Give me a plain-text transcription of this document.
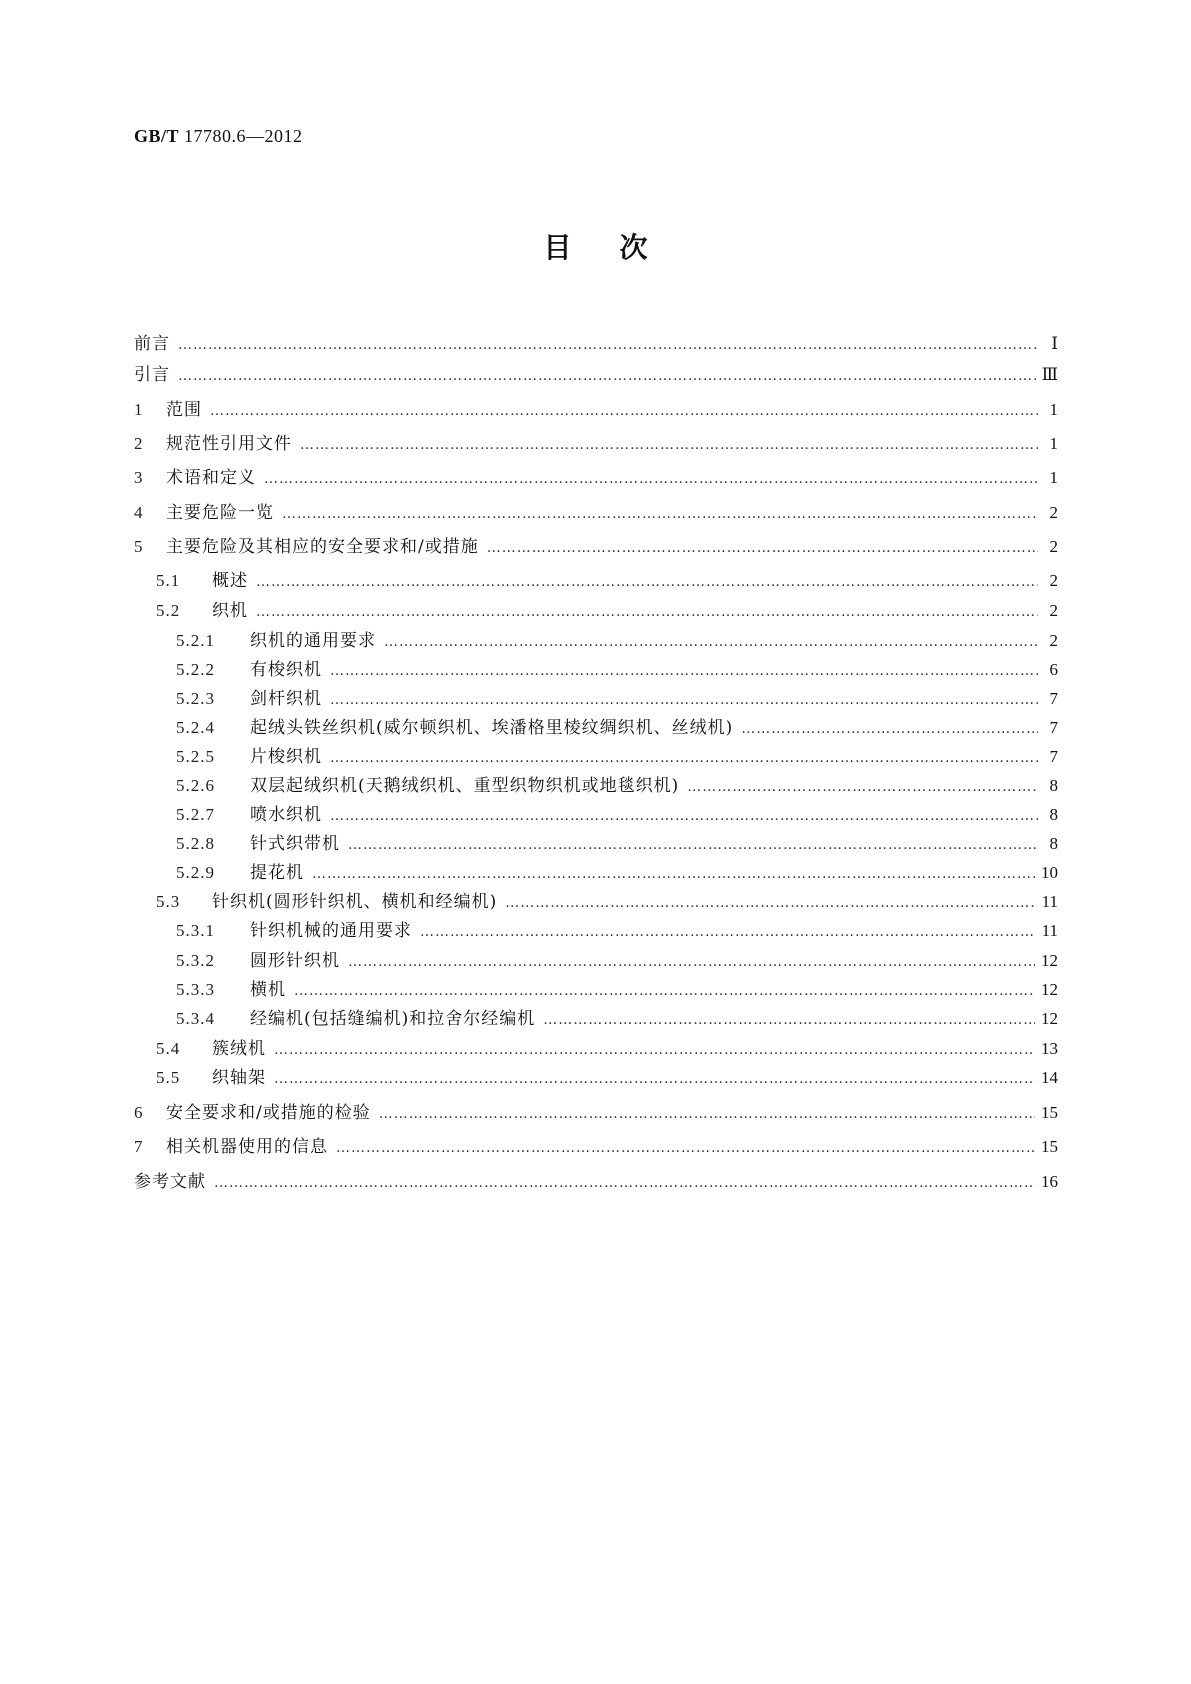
GB/T 17780.6—2012
目次
前言 …………………………………………………………………………………………………………………………………………………………………………………………………………………………	Ⅰ
引言 …………………………………………………………………………………………………………………………………………………………………………………………………………………………	Ⅲ
1	范围 …………………………………………………………………………………………………………………………………………………………………………………………………………………………	1
2	规范性引用文件 …………………………………………………………………………………………………………………………………………………………………………………………………………………………	1
3	术语和定义 …………………………………………………………………………………………………………………………………………………………………………………………………………………………	1
4	主要危险一览 …………………………………………………………………………………………………………………………………………………………………………………………………………………………	2
5	主要危险及其相应的安全要求和/或措施 …………………………………………………………………………………………………………………………………………………………………………………………………………………………	2
5.1	概述 …………………………………………………………………………………………………………………………………………………………………………………………………………………………	2
5.2	织机 …………………………………………………………………………………………………………………………………………………………………………………………………………………………	2
5.2.1	织机的通用要求 …………………………………………………………………………………………………………………………………………………………………………………………………………………………	2
5.2.2	有梭织机 …………………………………………………………………………………………………………………………………………………………………………………………………………………………	6
5.2.3	剑杆织机 …………………………………………………………………………………………………………………………………………………………………………………………………………………………	7
5.2.4	起绒头铁丝织机(威尔顿织机、埃潘格里棱纹绸织机、丝绒机) …………………………………………………………………………………………………………………………………………………………………………………………………………………………	7
5.2.5	片梭织机 …………………………………………………………………………………………………………………………………………………………………………………………………………………………	7
5.2.6	双层起绒织机(天鹅绒织机、重型织物织机或地毯织机) …………………………………………………………………………………………………………………………………………………………………………………………………………………………	8
5.2.7	喷水织机 …………………………………………………………………………………………………………………………………………………………………………………………………………………………	8
5.2.8	针式织带机 …………………………………………………………………………………………………………………………………………………………………………………………………………………………	8
5.2.9	提花机 …………………………………………………………………………………………………………………………………………………………………………………………………………………………	10
5.3	针织机(圆形针织机、横机和经编机) …………………………………………………………………………………………………………………………………………………………………………………………………………………………	11
5.3.1	针织机械的通用要求 …………………………………………………………………………………………………………………………………………………………………………………………………………………………	11
5.3.2	圆形针织机 …………………………………………………………………………………………………………………………………………………………………………………………………………………………	12
5.3.3	横机 …………………………………………………………………………………………………………………………………………………………………………………………………………………………	12
5.3.4	经编机(包括缝编机)和拉舍尔经编机 …………………………………………………………………………………………………………………………………………………………………………………………………………………………	12
5.4	簇绒机 …………………………………………………………………………………………………………………………………………………………………………………………………………………………	13
5.5	织轴架 …………………………………………………………………………………………………………………………………………………………………………………………………………………………	14
6	安全要求和/或措施的检验 …………………………………………………………………………………………………………………………………………………………………………………………………………………………	15
7	相关机器使用的信息 …………………………………………………………………………………………………………………………………………………………………………………………………………………………	15
参考文献 …………………………………………………………………………………………………………………………………………………………………………………………………………………………	16
